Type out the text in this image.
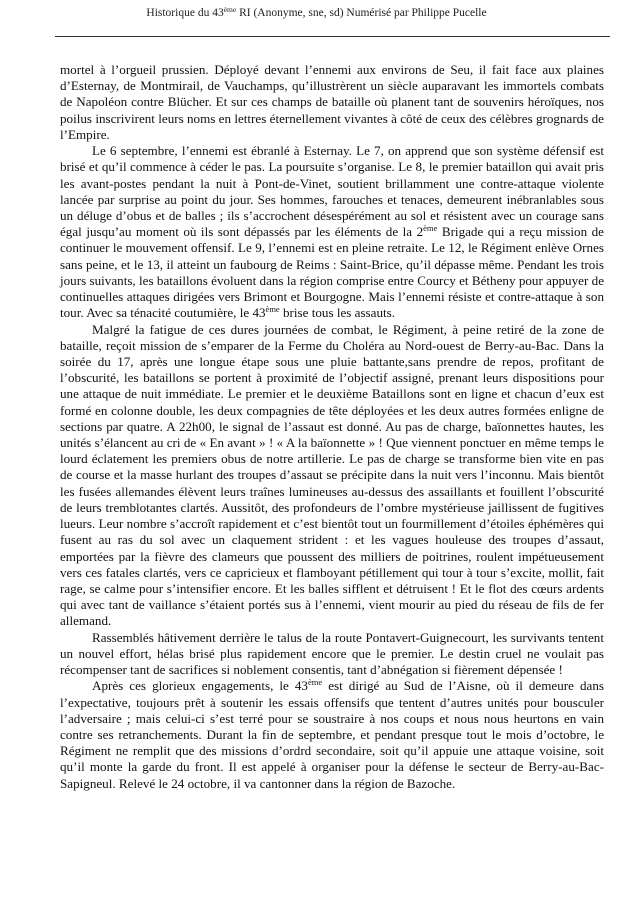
Historique du 43ème RI (Anonyme, sne, sd) Numérisé par Philippe Pucelle

mortel à l’orgueil prussien. Déployé devant l’ennemi aux environs de Seu, il fait face aux plaines d’Esternay, de Montmirail, de Vauchamps, qu’illustrèrent un siècle auparavant les immortels combats de Napoléon contre Blücher. Et sur ces champs de bataille où planent tant de souvenirs héroïques, nos poilus inscrivirent leurs noms en lettres éternellement vivantes à côté de ceux des célèbres grognards de l’Empire.

Le 6 septembre, l’ennemi est ébranlé à Esternay. Le 7, on apprend que son système défensif est brisé et qu’il commence à céder le pas. La poursuite s’organise. Le 8, le premier bataillon qui avait pris les avant-postes pendant la nuit à Pont-de-Vinet, soutient brillamment une contre-attaque violente lancée par surprise au point du jour. Ses hommes, farouches et tenaces, demeurent inébranlables sous un déluge d’obus et de balles ; ils s’accrochent désespérément au sol et résistent avec un courage sans égal jusqu’au moment où ils sont dépassés par les éléments de la 2ème Brigade qui a reçu mission de continuer le mouvement offensif. Le 9, l’ennemi est en pleine retraite. Le 12, le Régiment enlève Ornes sans peine, et le 13, il atteint un faubourg de Reims : Saint-Brice, qu’il dépasse même. Pendant les trois jours suivants, les bataillons évoluent dans la région comprise entre Courcy et Bétheny pour appuyer de continuelles attaques dirigées vers Brimont et Bourgogne. Mais l’ennemi résiste et contre-attaque à son tour. Avec sa ténacité coutumière, le 43ème brise tous les assauts.

Malgré la fatigue de ces dures journées de combat, le Régiment, à peine retiré de la zone de bataille, reçoit mission de s’emparer de la Ferme du Choléra au Nord-ouest de Berry-au-Bac. Dans la soirée du 17, après une longue étape sous une pluie battante,sans prendre de repos, profitant de l’obscurité, les bataillons se portent à proximité de l’objectif assigné, prenant leurs dispositions pour une attaque de nuit immédiate. Le premier et le deuxième Bataillons sont en ligne et chacun d’eux est formé en colonne double, les deux compagnies de tête déployées et les deux autres formées enligne de sections par quatre. A 22h00, le signal de l’assaut est donné. Au pas de charge, baïonnettes hautes, les unités s’élancent au cri de « En avant » ! « A la baïonnette » ! Que viennent ponctuer en même temps le lourd éclatement les premiers obus de notre artillerie. Le pas de charge se transforme bien vite en pas de course et la masse hurlant des troupes d’assaut se précipite dans la nuit vers l’inconnu. Mais bientôt les fusées allemandes élèvent leurs traînes lumineuses au-dessus des assaillants et fouillent l’obscurité de leurs tremblotantes clartés. Aussitôt, des profondeurs de l’ombre mystérieuse jaillissent de fugitives lueurs. Leur nombre s’accroît rapidement et c’est bientôt tout un fourmillement d’étoiles éphémères qui fusent au ras du sol avec un claquement strident : et les vagues houleuse des troupes d’assaut, emportées par la fièvre des clameurs que poussent des milliers de poitrines, roulent impétueusement vers ces fatales clartés, vers ce capricieux et flamboyant pétillement qui tour à tour s’excite, mollit, fait rage, se calme pour s’intensifier encore. Et les balles sifflent et détruisent ! Et le flot des cœurs ardents qui avec tant de vaillance s’étaient portés sus à l’ennemi, vient mourir au pied du réseau de fils de fer allemand.

Rassemblés hâtivement derrière le talus de la route Pontavert-Guignecourt, les survivants tentent un nouvel effort, hélas brisé plus rapidement encore que le premier. Le destin cruel ne voulait pas récompenser tant de sacrifices si noblement consentis, tant d’abnégation si fièrement dépensée !

Après ces glorieux engagements, le 43ème est dirigé au Sud de l’Aisne, où il demeure dans l’expectative, toujours prêt à soutenir les essais offensifs que tentent d’autres unités pour bousculer l’adversaire ; mais celui-ci s’est terré pour se soustraire à nos coups et nous nous heurtons en vain contre ses retranchements. Durant la fin de septembre, et pendant presque tout le mois d’octobre, le Régiment ne remplit que des missions d’ordrd secondaire, soit qu’il appuie une attaque voisine, soit qu’il monte la garde du front. Il est appelé à organiser pour la défense le secteur de Berry-au-Bac- Sapigneul. Relevé le 24 octobre, il va cantonner dans la région de Bazoche.
